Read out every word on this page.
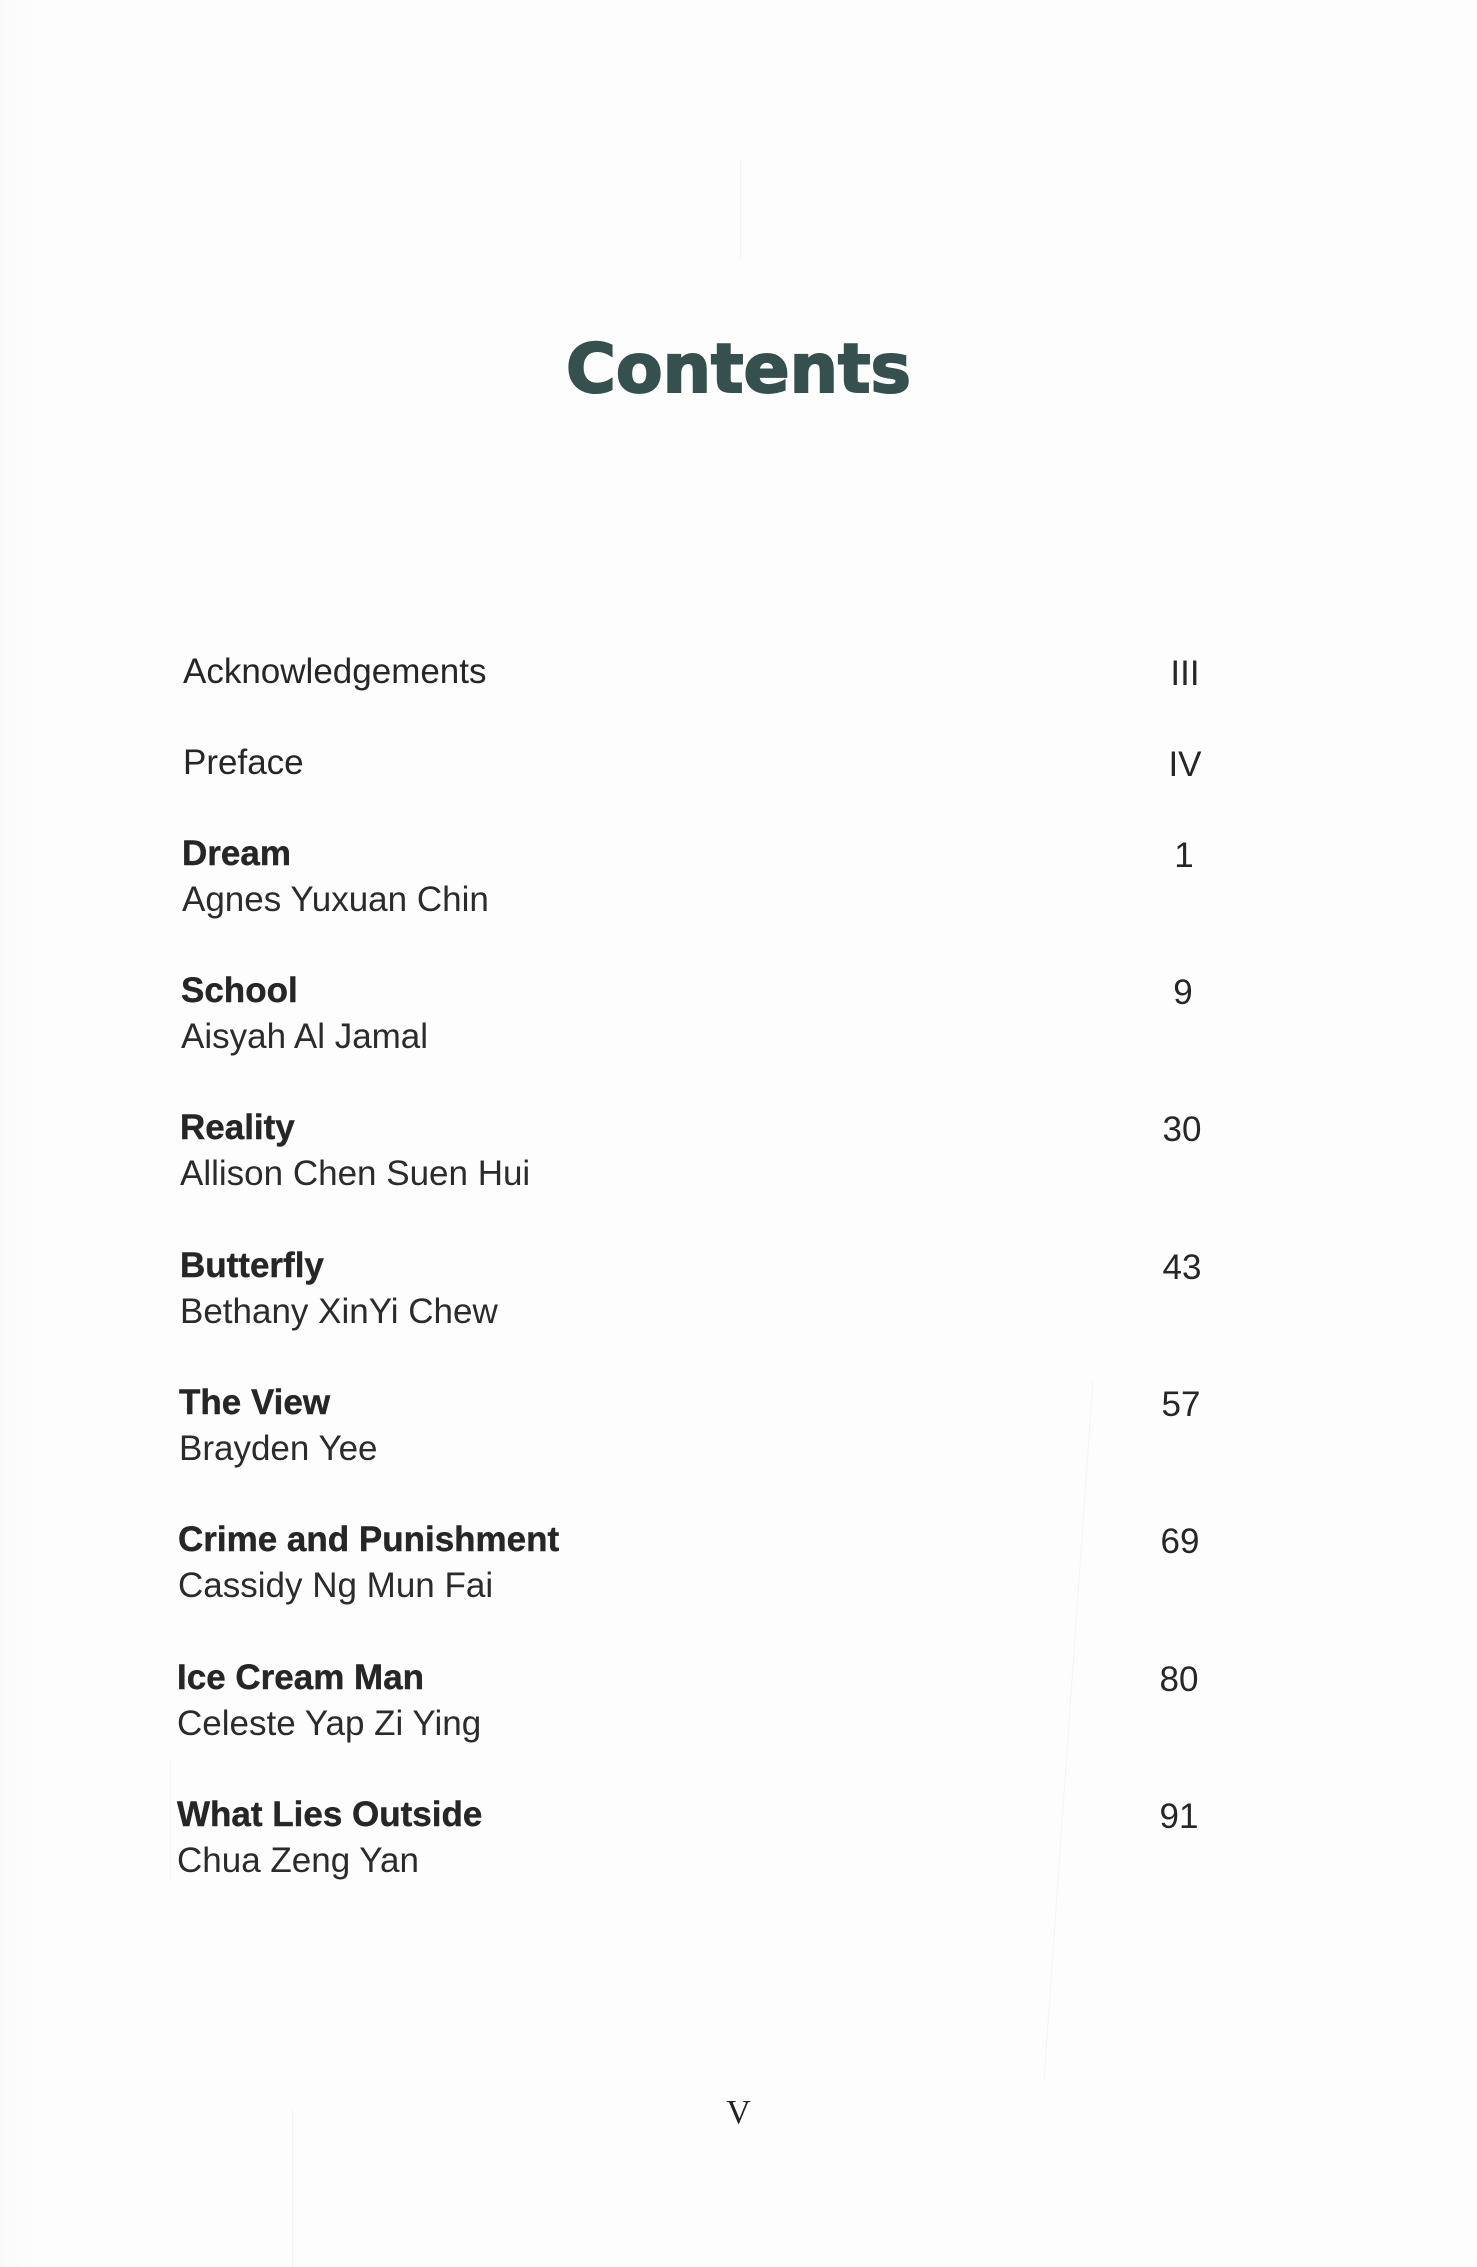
Contents
Acknowledgements	III
Preface	IV
Dream
Agnes Yuxuan Chin
1
School
Aisyah Al Jamal
9
Reality
Allison Chen Suen Hui
30
Butterfly
Bethany XinYi Chew
43
The View
Brayden Yee
57
Crime and Punishment
Cassidy Ng Mun Fai
69
Ice Cream Man
Celeste Yap Zi Ying
80
What Lies Outside
Chua Zeng Yan
91
V
